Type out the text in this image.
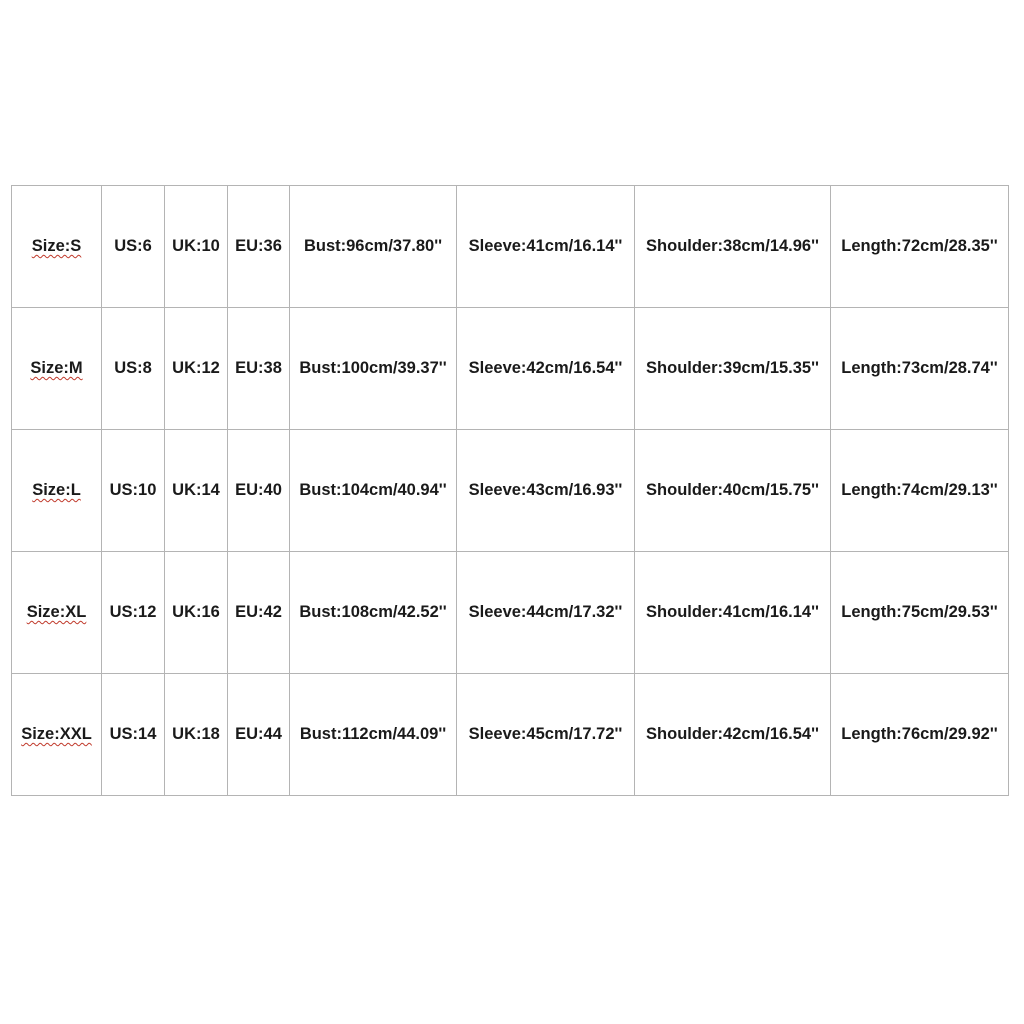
Size:S	US:6	UK:10	EU:36	Bust:96cm/37.80''	Sleeve:41cm/16.14''	Shoulder:38cm/14.96''	Length:72cm/28.35''
Size:M	US:8	UK:12	EU:38	Bust:100cm/39.37''	Sleeve:42cm/16.54''	Shoulder:39cm/15.35''	Length:73cm/28.74''
Size:L	US:10	UK:14	EU:40	Bust:104cm/40.94''	Sleeve:43cm/16.93''	Shoulder:40cm/15.75''	Length:74cm/29.13''
Size:XL	US:12	UK:16	EU:42	Bust:108cm/42.52''	Sleeve:44cm/17.32''	Shoulder:41cm/16.14''	Length:75cm/29.53''
Size:XXL	US:14	UK:18	EU:44	Bust:112cm/44.09''	Sleeve:45cm/17.72''	Shoulder:42cm/16.54''	Length:76cm/29.92''
